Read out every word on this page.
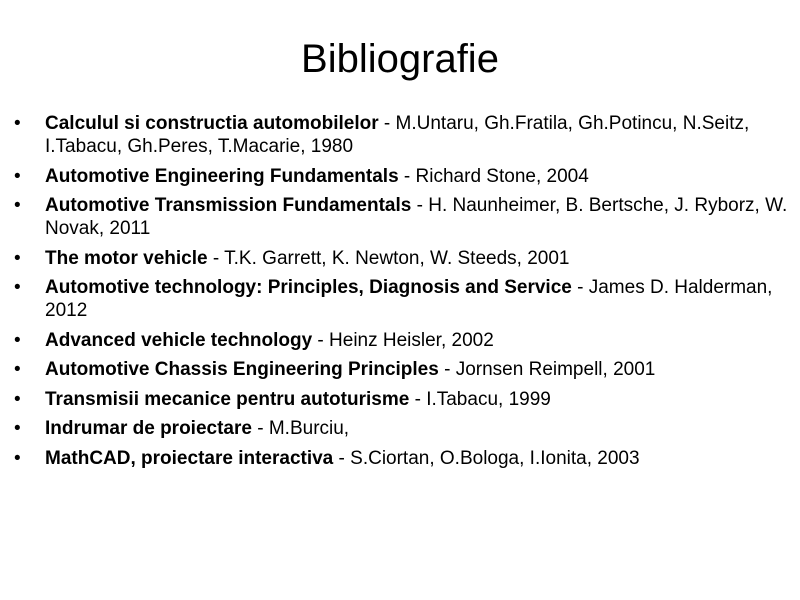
Bibliografie
•	Calculul si constructia automobilelor - M.Untaru, Gh.Fratila, Gh.Potincu, N.Seitz, I.Tabacu, Gh.Peres, T.Macarie, 1980
•	Automotive Engineering Fundamentals - Richard Stone, 2004
•	Automotive Transmission Fundamentals - H. Naunheimer, B. Bertsche, J. Ryborz, W. Novak, 2011
•	The motor vehicle - T.K. Garrett, K. Newton, W. Steeds, 2001
•	Automotive technology: Principles, Diagnosis and Service - James D. Halderman, 2012
•	Advanced vehicle technology - Heinz Heisler, 2002
•	Automotive Chassis Engineering Principles - Jornsen Reimpell, 2001
•	Transmisii mecanice pentru autoturisme - I.Tabacu, 1999
•	Indrumar de proiectare - M.Burciu,
•	MathCAD, proiectare interactiva - S.Ciortan, O.Bologa, I.Ionita, 2003
